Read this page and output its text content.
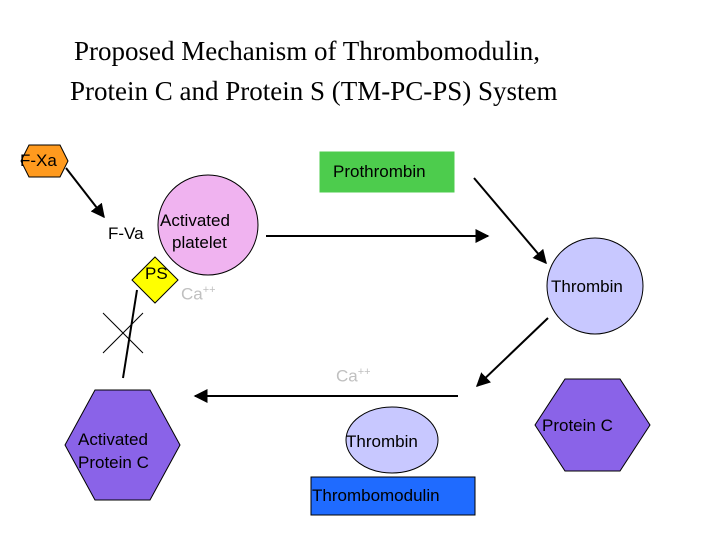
Proposed Mechanism of Thrombomodulin,
Protein C and Protein S (TM-PC-PS) System
F-Xa
Prothrombin
F-Va
Activated
platelet
PS
Ca++	Thrombin
Ca++
Activated
Protein C
Thrombin
Protein C
Thrombomodulin
